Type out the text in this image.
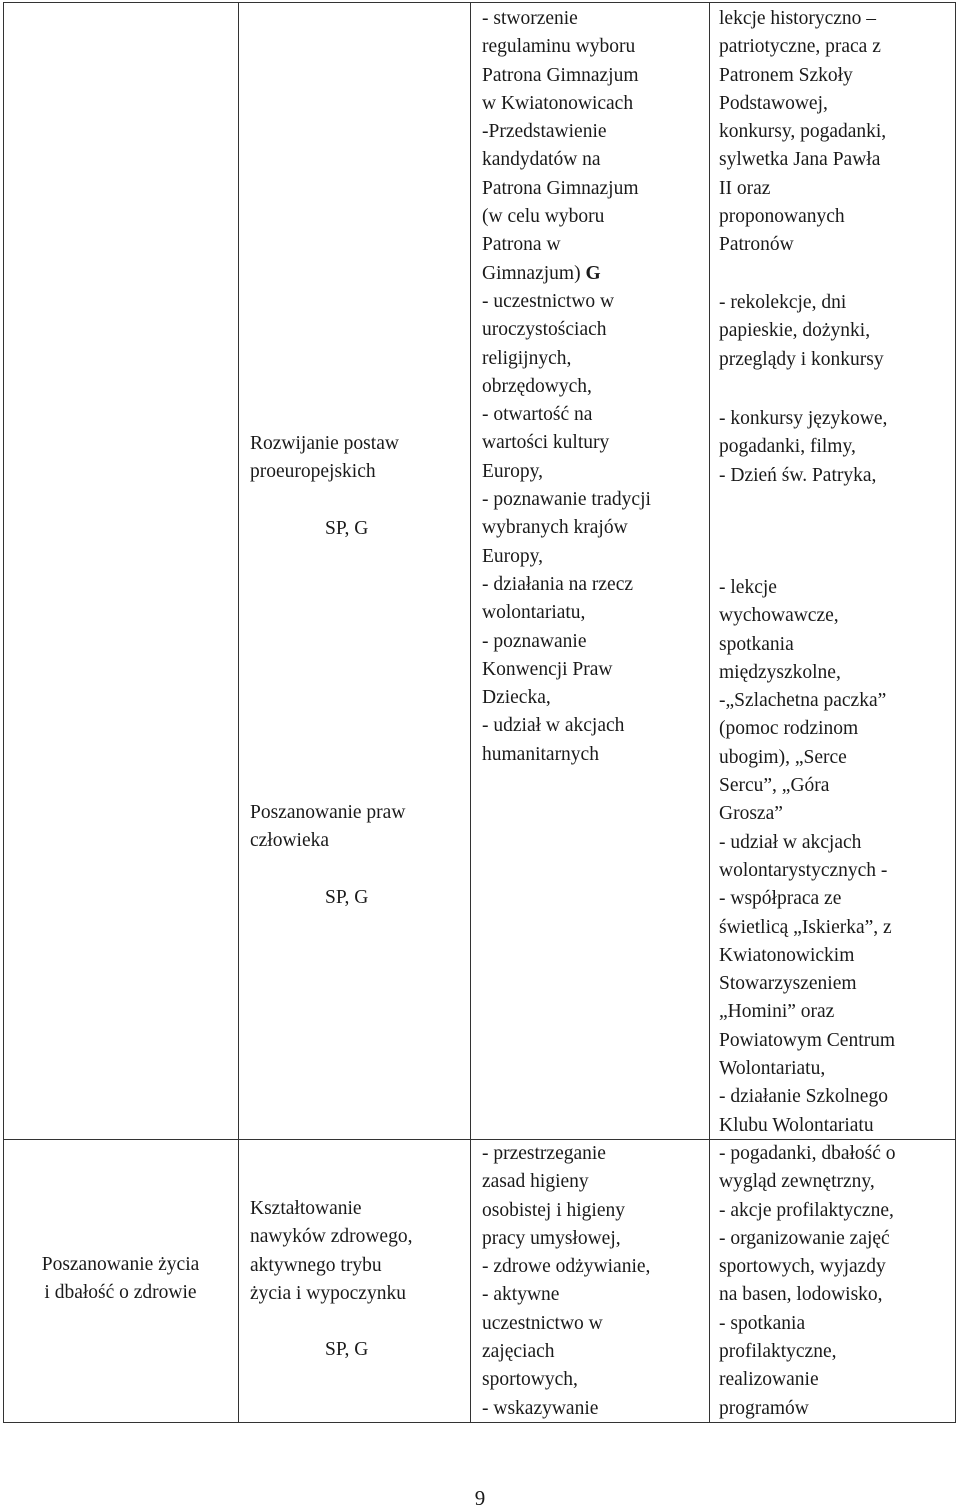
Poszanowanie życia
i dbałość o zdrowie
Rozwijanie postaw
proeuropejskich
SP, G
Poszanowanie praw
człowieka
SP, G
Kształtowanie
nawyków zdrowego,
aktywnego trybu
życia i wypoczynku
SP, G
- stworzenie
regulaminu wyboru
Patrona Gimnazjum
w Kwiatonowicach
-Przedstawienie
kandydatów na
Patrona Gimnazjum
(w celu wyboru
Patrona w
Gimnazjum) G
- uczestnictwo w
uroczystościach
religijnych,
obrzędowych,
- otwartość na
wartości kultury
Europy,
- poznawanie tradycji
wybranych krajów
Europy,
- działania na rzecz
wolontariatu,
- poznawanie
Konwencji Praw
Dziecka,
- udział w akcjach
humanitarnych
- przestrzeganie
zasad higieny
osobistej i higieny
pracy umysłowej,
- zdrowe odżywianie,
- aktywne
uczestnictwo w
zajęciach
sportowych,
- wskazywanie
lekcje historyczno –
patriotyczne, praca z
Patronem Szkoły
Podstawowej,
konkursy, pogadanki,
sylwetka Jana Pawła
II oraz
proponowanych
Patronów
- rekolekcje, dni
papieskie, dożynki,
przeglądy i konkursy
- konkursy językowe,
pogadanki, filmy,
- Dzień św. Patryka,
- lekcje
wychowawcze,
spotkania
międzyszkolne,
-„Szlachetna paczka”
(pomoc rodzinom
ubogim), „Serce
Sercu”, „Góra
Grosza”
- udział w akcjach
wolontarystycznych -
- współpraca ze
świetlicą „Iskierka”, z
Kwiatonowickim
Stowarzyszeniem
„Homini” oraz
Powiatowym Centrum
Wolontariatu,
- działanie Szkolnego
Klubu Wolontariatu
- pogadanki, dbałość o
wygląd zewnętrzny,
- akcje profilaktyczne,
- organizowanie zajęć
sportowych, wyjazdy
na basen, lodowisko,
- spotkania
profilaktyczne,
realizowanie
programów
9
